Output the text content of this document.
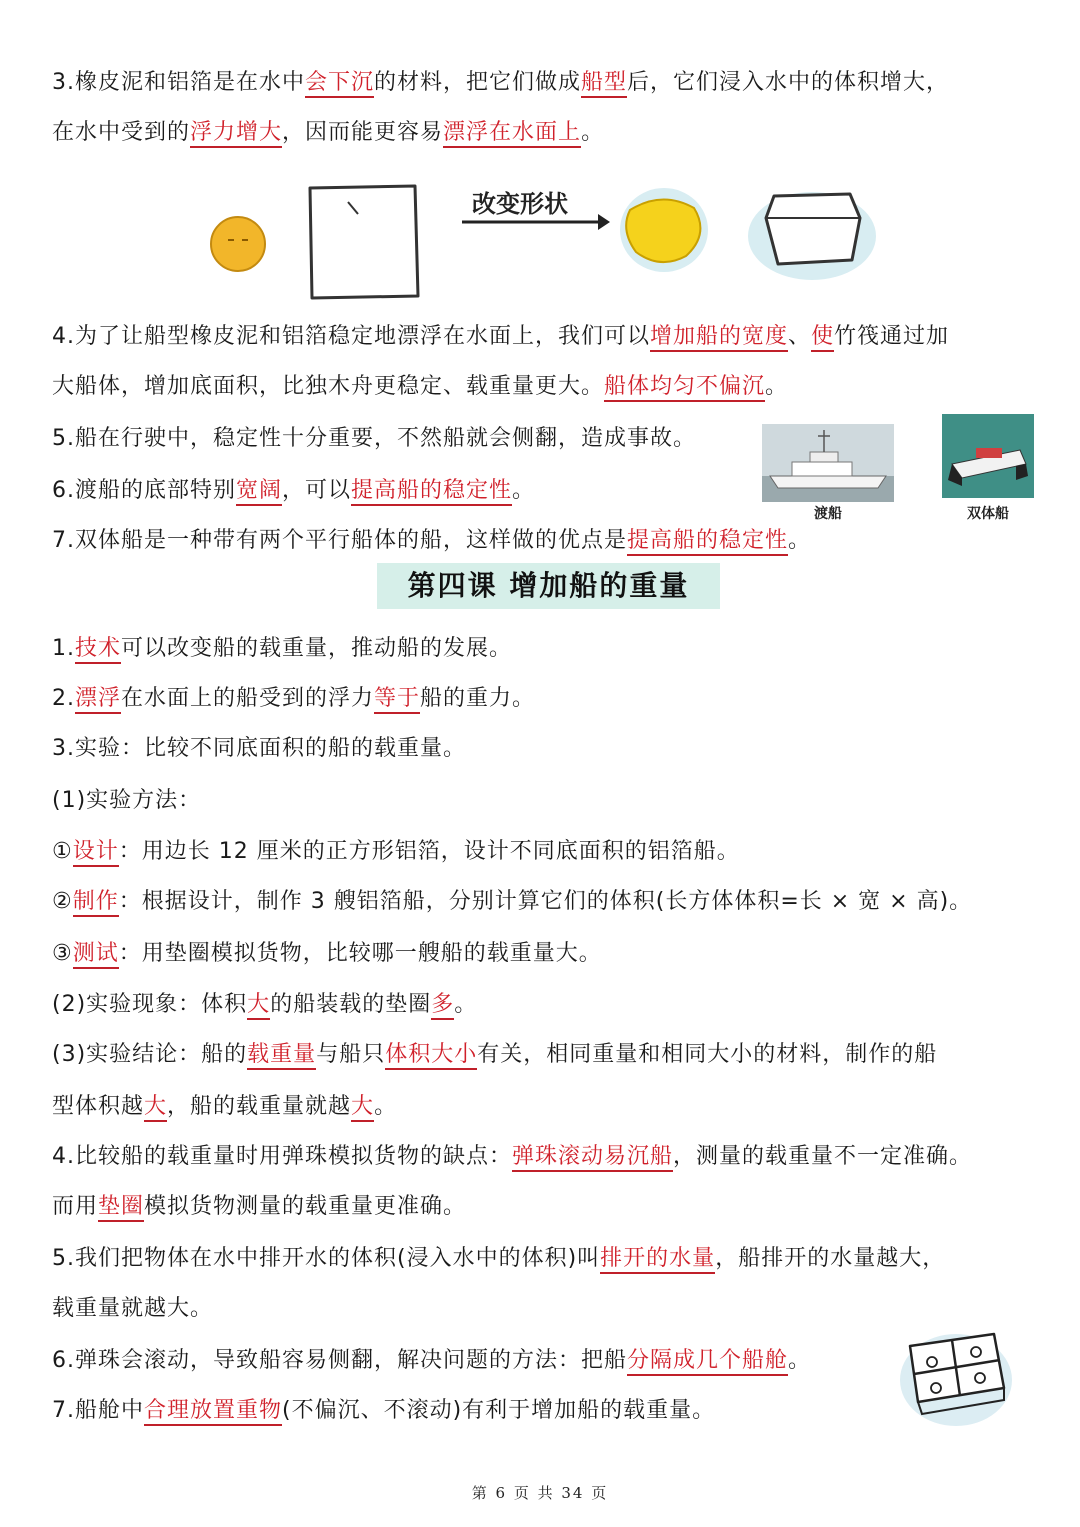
3.橡皮泥和铝箔是在水中会下沉的材料，把它们做成船型后，它们浸入水中的体积增大，
在水中受到的浮力增大，因而能更容易漂浮在水面上。
改变形状
4.为了让船型橡皮泥和铝箔稳定地漂浮在水面上，我们可以增加船的宽度、使竹筏通过加
大船体，增加底面积，比独木舟更稳定、载重量更大。船体均匀不偏沉。
5.船在行驶中，稳定性十分重要，不然船就会侧翻，造成事故。
6.渡船的底部特别宽阔，可以提高船的稳定性。
7.双体船是一种带有两个平行船体的船，这样做的优点是提高船的稳定性。
渡船	双体船
第四课 增加船的重量
1.技术可以改变船的载重量，推动船的发展。
2.漂浮在水面上的船受到的浮力等于船的重力。
3.实验：比较不同底面积的船的载重量。
(1)实验方法：
①设计：用边长 12 厘米的正方形铝箔，设计不同底面积的铝箔船。
②制作：根据设计，制作 3 艘铝箔船，分别计算它们的体积(长方体体积=长 × 宽 × 高)。
③测试：用垫圈模拟货物，比较哪一艘船的载重量大。
(2)实验现象：体积大的船装载的垫圈多。
(3)实验结论：船的载重量与船只体积大小有关，相同重量和相同大小的材料，制作的船
型体积越大，船的载重量就越大。
4.比较船的载重量时用弹珠模拟货物的缺点：弹珠滚动易沉船，测量的载重量不一定准确。
而用垫圈模拟货物测量的载重量更准确。
5.我们把物体在水中排开水的体积(浸入水中的体积)叫排开的水量，船排开的水量越大，
载重量就越大。
6.弹珠会滚动，导致船容易侧翻，解决问题的方法：把船分隔成几个船舱。
7.船舱中合理放置重物(不偏沉、不滚动)有利于增加船的载重量。
第 6 页 共 34 页
